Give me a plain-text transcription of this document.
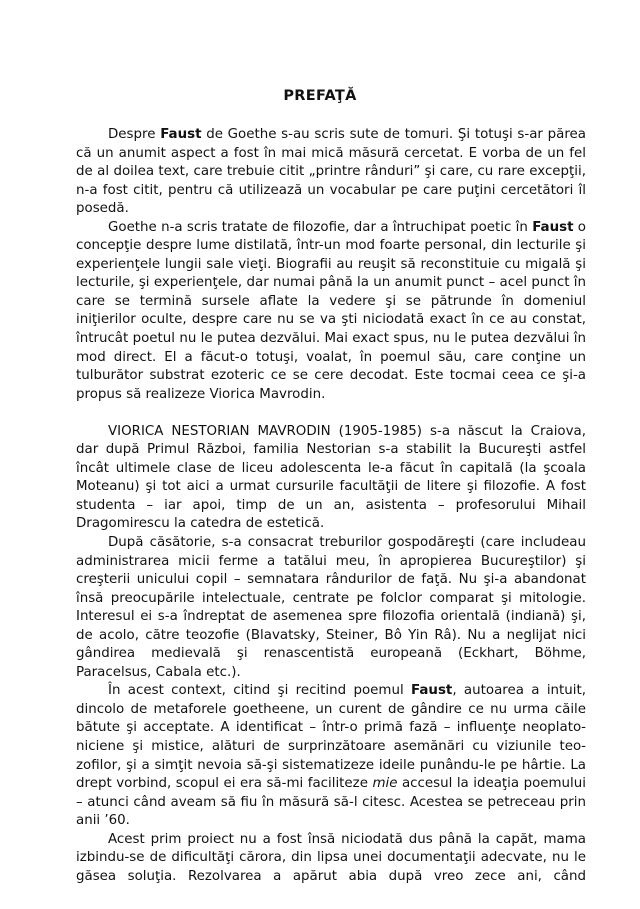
PREFAŢĂ

Despre Faust de Goethe s-au scris sute de tomuri. Şi totuşi s-ar părea că un anumit aspect a fost în mai mică măsură cercetat. E vorba de un fel de al doilea text, care trebuie citit „printre rânduri” şi care, cu rare excepţii, n-a fost citit, pentru că utilizează un vocabular pe care puţini cercetători îl posedă.

Goethe n-a scris tratate de filozofie, dar a întruchipat poetic în Faust o concepţie despre lume distilată, într-un mod foarte personal, din lecturile şi experienţele lungii sale vieţi. Biografii au reuşit să reconstituie cu migală şi lecturile, şi experienţele, dar numai până la un anumit punct – acel punct în care se termină sursele aflate la vedere şi se pătrunde în domeniul iniţierilor oculte, despre care nu se va şti niciodată exact în ce au constat, întrucât poetul nu le putea dezvălui. Mai exact spus, nu le putea dezvălui în mod direct. El a făcut-o totuşi, voalat, în poemul său, care conţine un tulburător substrat ezoteric ce se cere decodat. Este tocmai ceea ce şi-a propus să realizeze Viorica Mavrodin.

VIORICA NESTORIAN MAVRODIN (1905-1985) s-a născut la Craiova, dar după Primul Război, familia Nestorian s-a stabilit la Bucureşti astfel încât ultimele clase de liceu adolescenta le-a făcut în capitală (la şcoala Moteanu) şi tot aici a urmat cursurile facultăţii de litere şi filozofie. A fost studenta – iar apoi, timp de un an, asistenta – profesorului Mihail Dragomirescu la catedra de estetică.

După căsătorie, s-a consacrat treburilor gospodăreşti (care includeau administrarea micii ferme a tatălui meu, în apropierea Bucureştilor) şi creşterii unicului copil – semnatara rândurilor de faţă. Nu şi-a abandonat însă preocupările intelectuale, centrate pe folclor comparat şi mitologie. Interesul ei s-a îndreptat de asemenea spre filozofia orientală (indiană) şi, de acolo, către teozofie (Blavatsky, Steiner, Bô Yin Râ). Nu a neglijat nici gândirea medievală şi renascentistă europeană (Eckhart, Böhme, Paracelsus, Cabala etc.).

În acest context, citind şi recitind poemul Faust, autoarea a intuit, dincolo de metaforele goetheene, un curent de gândire ce nu urma căile bătute şi acceptate. A identificat – într-o primă fază – influenţe neoplatoniciene şi mistice, alături de surprinzătoare asemănări cu viziunile teozofilor, şi a simţit nevoia să-şi sistematizeze ideile punându-le pe hârtie. La drept vorbind, scopul ei era să-mi faciliteze mie accesul la ideaţia poemului – atunci când aveam să fiu în măsură să-l citesc. Acestea se petreceau prin anii ’60.

Acest prim proiect nu a fost însă niciodată dus până la capăt, mama izbindu-se de dificultăţi cărora, din lipsa unei documentaţii adecvate, nu le găsea soluţia. Rezolvarea a apărut abia după vreo zece ani, când
